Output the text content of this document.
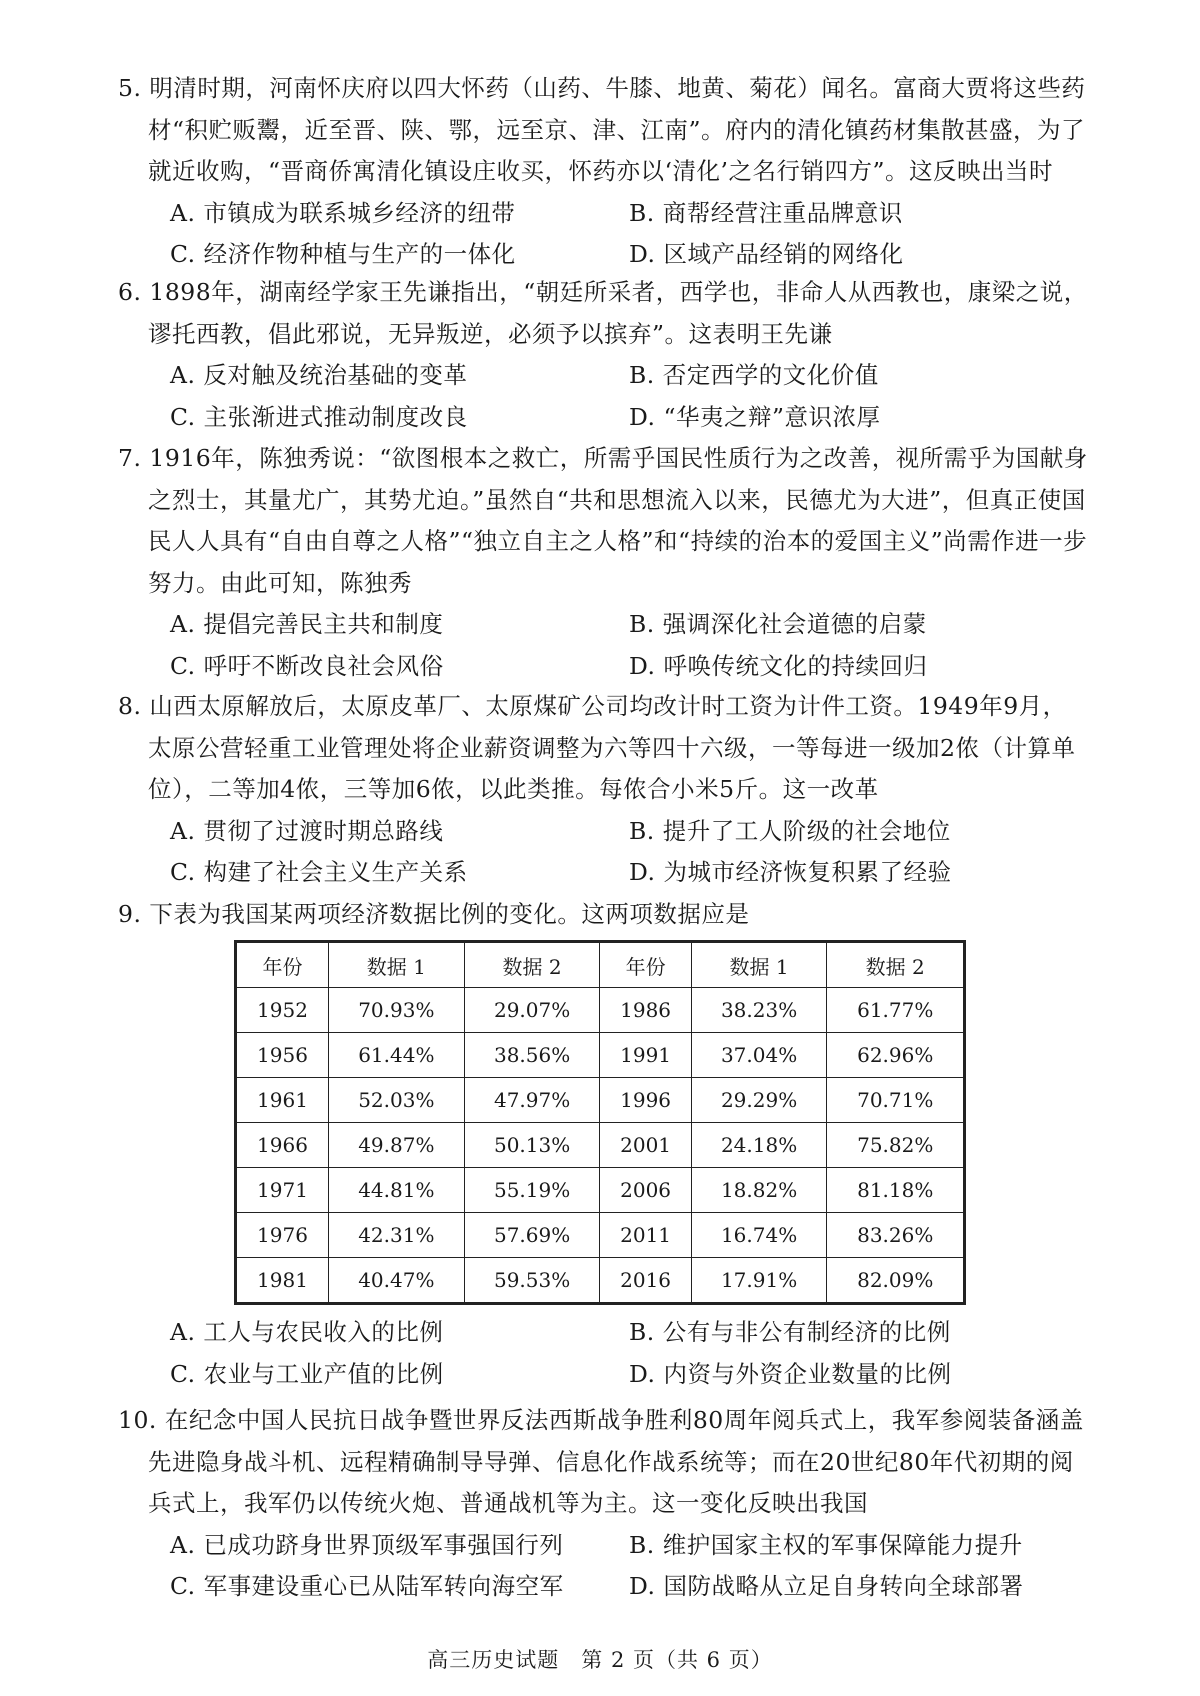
5. 明清时期，河南怀庆府以四大怀药（山药、牛膝、地黄、菊花）闻名。富商大贾将这些药材“积贮贩鬻，近至晋、陕、鄂，远至京、津、江南”。府内的清化镇药材集散甚盛，为了就近收购，“晋商侨寓清化镇设庄收买，怀药亦以‘清化’之名行销四方”。这反映出当时

A. 市镇成为联系城乡经济的纽带	B. 商帮经营注重品牌意识
C. 经济作物种植与生产的一体化	D. 区域产品经销的网络化

6. 1898年，湖南经学家王先谦指出，“朝廷所采者，西学也，非命人从西教也，康梁之说，谬托西教，倡此邪说，无异叛逆，必须予以摈弃”。这表明王先谦

A. 反对触及统治基础的变革	B. 否定西学的文化价值
C. 主张渐进式推动制度改良	D. “华夷之辩”意识浓厚

7. 1916年，陈独秀说：“欲图根本之救亡，所需乎国民性质行为之改善，视所需乎为国献身之烈士，其量尤广，其势尤迫。”虽然自“共和思想流入以来，民德尤为大进”，但真正使国民人人具有“自由自尊之人格”“独立自主之人格”和“持续的治本的爱国主义”尚需作进一步努力。由此可知，陈独秀

A. 提倡完善民主共和制度	B. 强调深化社会道德的启蒙
C. 呼吁不断改良社会风俗	D. 呼唤传统文化的持续回归

8. 山西太原解放后，太原皮革厂、太原煤矿公司均改计时工资为计件工资。1949年9月，太原公营轻重工业管理处将企业薪资调整为六等四十六级，一等每进一级加2侬（计算单位），二等加4侬，三等加6侬，以此类推。每侬合小米5斤。这一改革

A. 贯彻了过渡时期总路线	B. 提升了工人阶级的社会地位
C. 构建了社会主义生产关系	D. 为城市经济恢复积累了经验

9. 下表为我国某两项经济数据比例的变化。这两项数据应是

年份	数据 1	数据 2	年份	数据 1	数据 2
1952	70.93%	29.07%	1986	38.23%	61.77%
1956	61.44%	38.56%	1991	37.04%	62.96%
1961	52.03%	47.97%	1996	29.29%	70.71%
1966	49.87%	50.13%	2001	24.18%	75.82%
1971	44.81%	55.19%	2006	18.82%	81.18%
1976	42.31%	57.69%	2011	16.74%	83.26%
1981	40.47%	59.53%	2016	17.91%	82.09%
A. 工人与农民收入的比例	B. 公有与非公有制经济的比例
C. 农业与工业产值的比例	D. 内资与外资企业数量的比例

10. 在纪念中国人民抗日战争暨世界反法西斯战争胜利80周年阅兵式上，我军参阅装备涵盖先进隐身战斗机、远程精确制导导弹、信息化作战系统等；而在20世纪80年代初期的阅兵式上，我军仍以传统火炮、普通战机等为主。这一变化反映出我国

A. 已成功跻身世界顶级军事强国行列	B. 维护国家主权的军事保障能力提升
C. 军事建设重心已从陆军转向海空军	D. 国防战略从立足自身转向全球部署
高三历史试题　第 2 页（共 6 页）
